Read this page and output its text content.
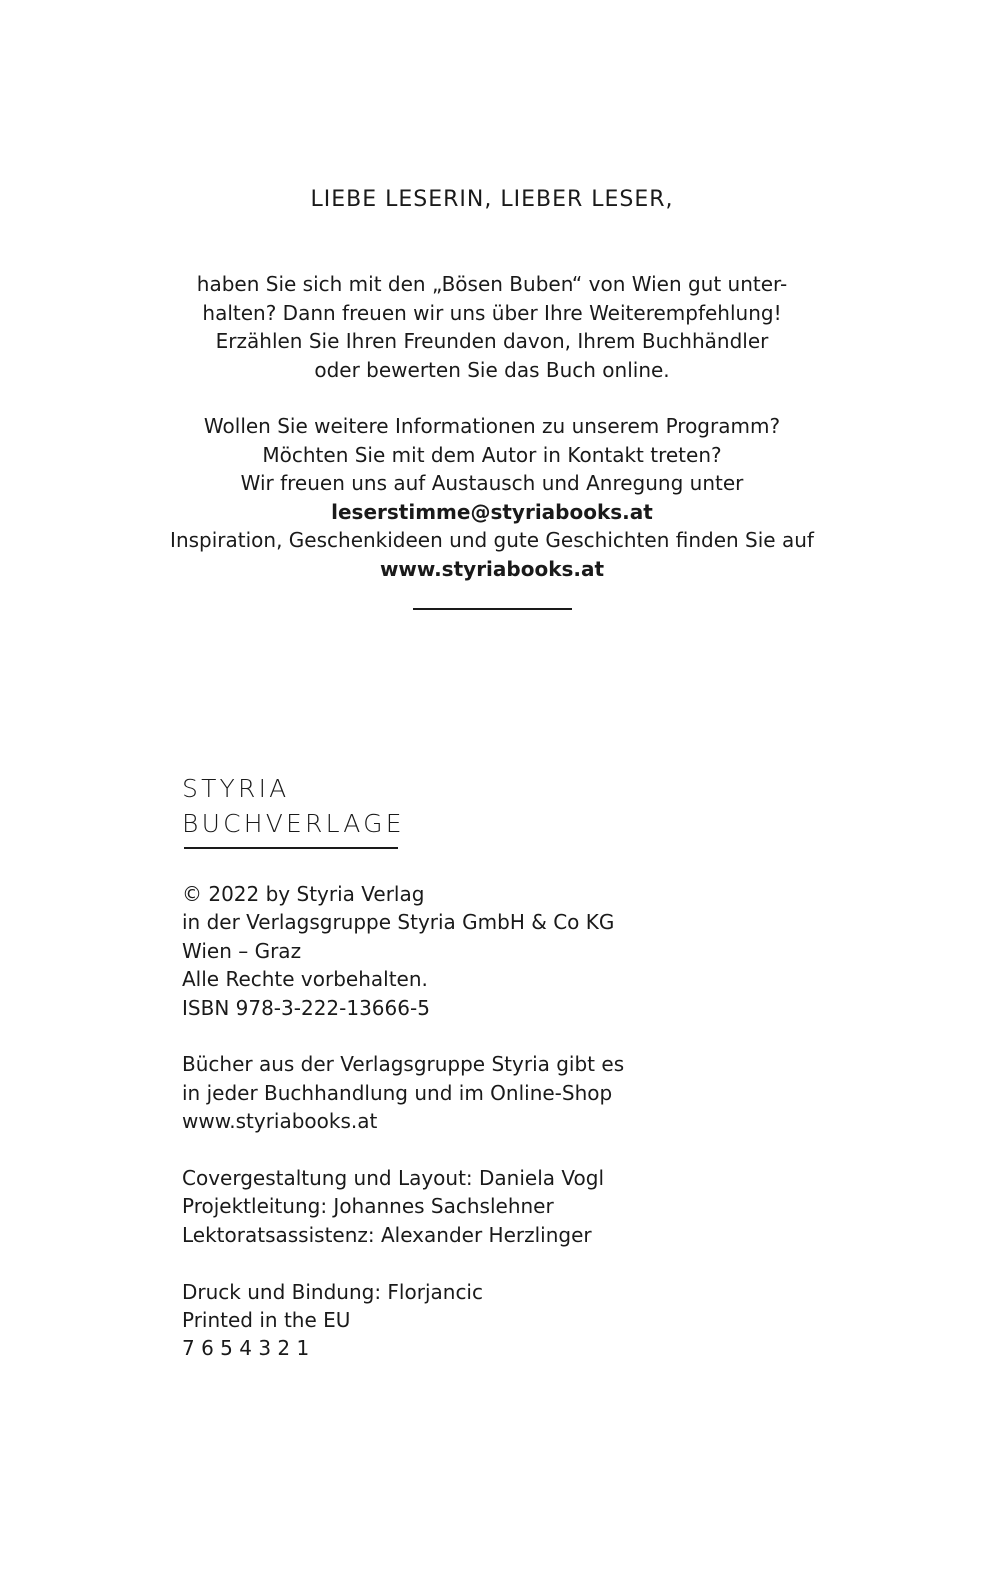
LIEBE LESERIN, LIEBER LESER,

haben Sie sich mit den „Bösen Buben“ von Wien gut unter-
halten? Dann freuen wir uns über Ihre Weiterempfehlung!
Erzählen Sie Ihren Freunden davon, Ihrem Buchhändler
oder bewerten Sie das Buch online.

Wollen Sie weitere Informationen zu unserem Programm?
Möchten Sie mit dem Autor in Kontakt treten?
Wir freuen uns auf Austausch und Anregung unter
leserstimme@styriabooks.at
Inspiration, Geschenkideen und gute Geschichten finden Sie auf
www.styriabooks.at

STYRIA
BUCHVERLAGE
© 2022 by Styria Verlag
in der Verlagsgruppe Styria GmbH & Co KG
Wien – Graz
Alle Rechte vorbehalten.
ISBN 978-3-222-13666-5
Bücher aus der Verlagsgruppe Styria gibt es
in jeder Buchhandlung und im Online-Shop
www.styriabooks.at
Covergestaltung und Layout: Daniela Vogl
Projektleitung: Johannes Sachslehner
Lektoratsassistenz: Alexander Herzlinger
Druck und Bindung: Florjancic
Printed in the EU
7 6 5 4 3 2 1
